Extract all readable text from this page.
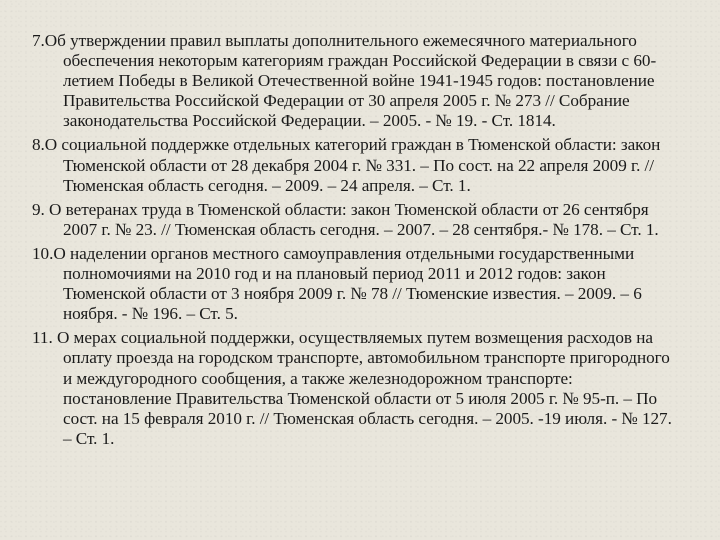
7.Об утверждении правил выплаты дополнительного ежемесячного материального обеспечения некоторым категориям граждан Российской Федерации в связи с 60-летием Победы в Великой Отечественной войне 1941-1945 годов: постановление Правительства Российской Федерации от 30 апреля 2005 г. № 273 // Собрание законодательства Российской Федерации. – 2005. - № 19. - Ст. 1814.
8.О социальной поддержке отдельных категорий граждан в Тюменской области: закон Тюменской области от 28 декабря 2004 г. № 331. – По сост. на 22 апреля 2009 г. // Тюменская область сегодня. – 2009. – 24 апреля. – Ст. 1.
9. О ветеранах труда в Тюменской области: закон Тюменской области от 26 сентября 2007 г. № 23. // Тюменская область сегодня. – 2007. – 28 сентября.- № 178. – Ст. 1.
10.О наделении органов местного самоуправления отдельными государственными полномочиями на 2010 год и на плановый период 2011 и 2012 годов: закон Тюменской области от 3 ноября 2009 г. № 78 // Тюменские известия. – 2009. – 6 ноября. - № 196. – Ст. 5.
11. О мерах социальной поддержки, осуществляемых путем возмещения расходов на оплату проезда на городском транспорте, автомобильном транспорте пригородного и междугородного сообщения, а также железнодорожном транспорте: постановление Правительства Тюменской области от 5 июля 2005 г. № 95-п. – По сост. на 15 февраля 2010 г. // Тюменская область сегодня. – 2005. -19 июля. - № 127. – Ст. 1.
